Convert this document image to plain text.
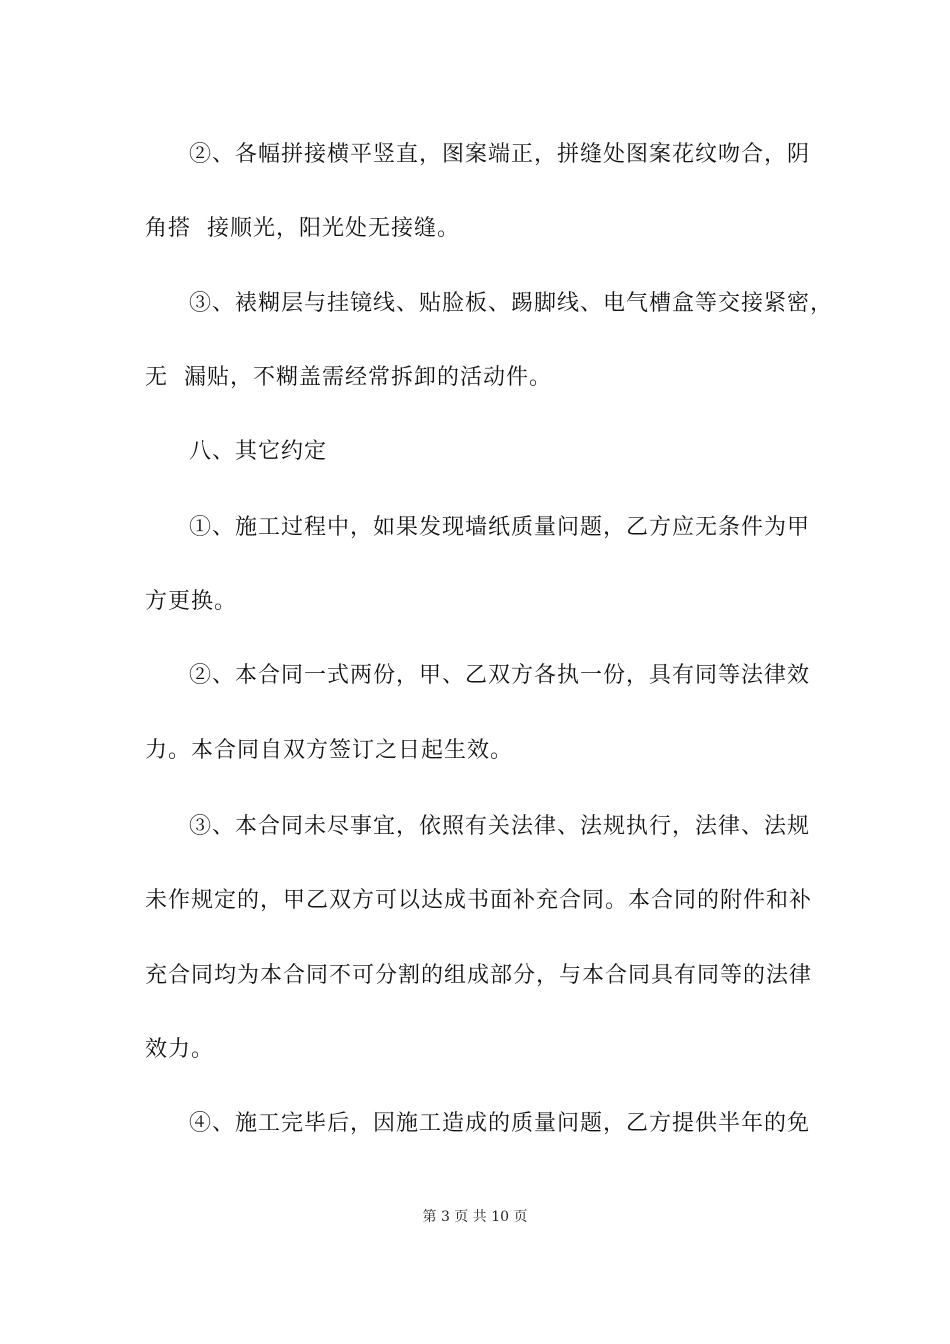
②、各幅拼接横平竖直，图案端正，拼缝处图案花纹吻合，阴
角搭  接顺光，阳光处无接缝。
③、裱糊层与挂镜线、贴脸板、踢脚线、电气槽盒等交接紧密，
无  漏贴，不糊盖需经常拆卸的活动件。
八、其它约定
①、施工过程中，如果发现墙纸质量问题，乙方应无条件为甲
方更换。
②、本合同一式两份，甲、乙双方各执一份，具有同等法律效
力。本合同自双方签订之日起生效。
③、本合同未尽事宜，依照有关法律、法规执行，法律、法规
未作规定的，甲乙双方可以达成书面补充合同。本合同的附件和补
充合同均为本合同不可分割的组成部分，与本合同具有同等的法律
效力。
④、施工完毕后，因施工造成的质量问题，乙方提供半年的免
第 3 页 共 10 页
